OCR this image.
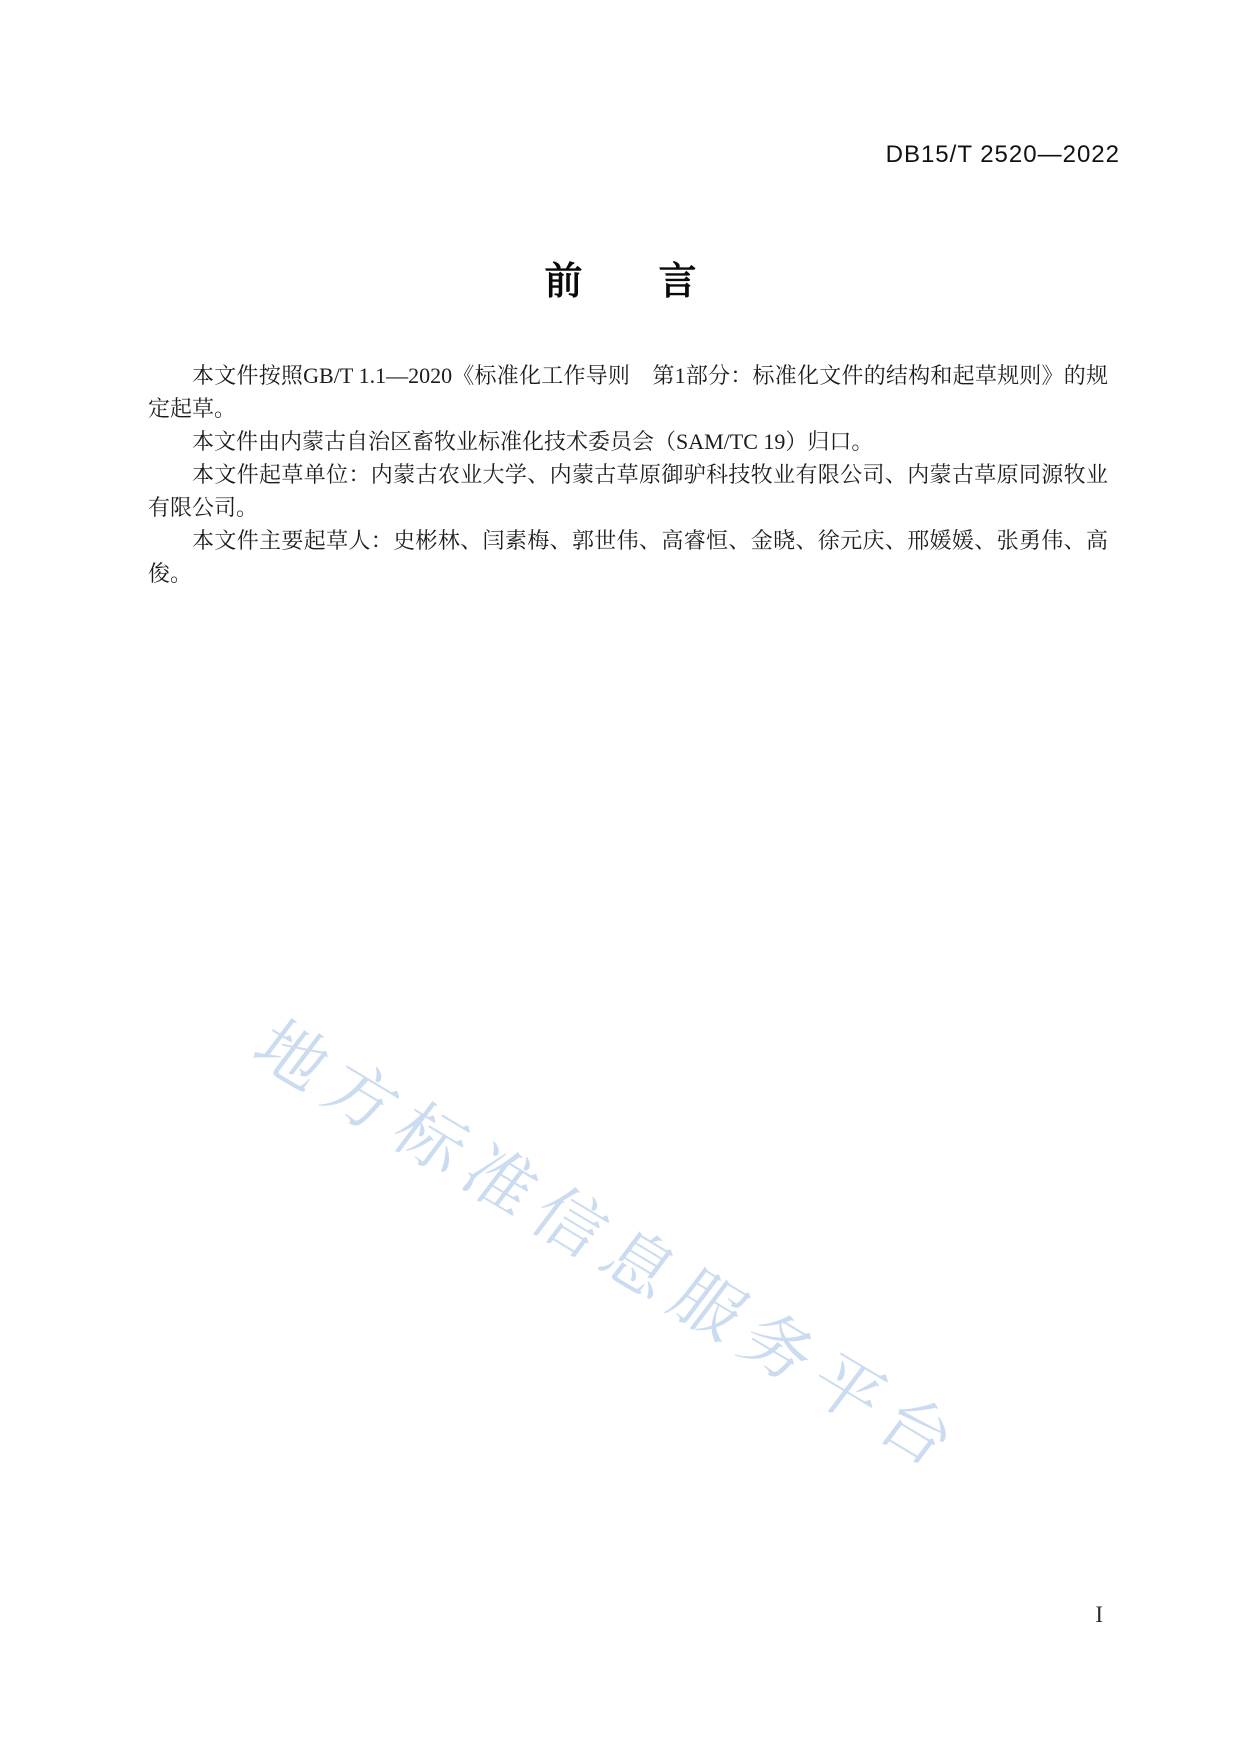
DB15/T 2520—2022
前　　言

本文件按照GB/T 1.1—2020《标准化工作导则　第1部分：标准化文件的结构和起草规则》的规定起草。

本文件由内蒙古自治区畜牧业标准化技术委员会（SAM/TC 19）归口。

本文件起草单位：内蒙古农业大学、内蒙古草原御驴科技牧业有限公司、内蒙古草原同源牧业有限公司。

本文件主要起草人：史彬林、闫素梅、郭世伟、高睿恒、金晓、徐元庆、邢媛媛、张勇伟、高俊。

地方标准信息服务平台
I
